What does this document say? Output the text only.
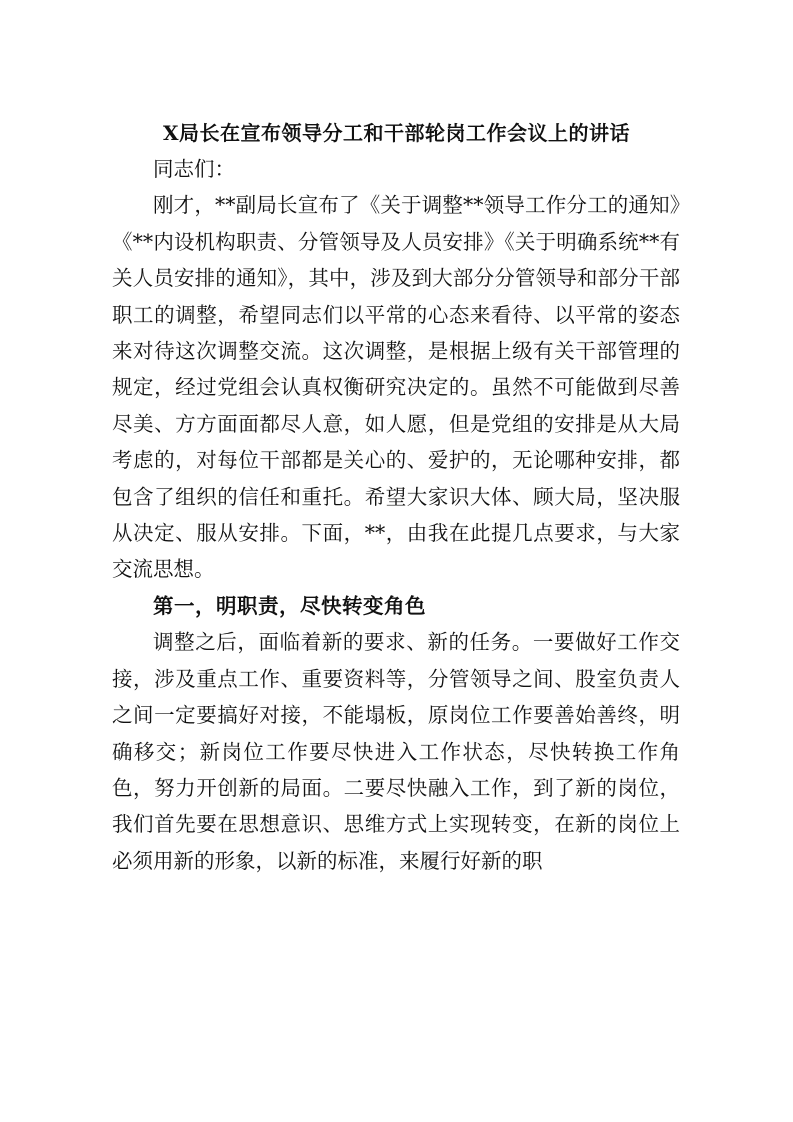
X局长在宣布领导分工和干部轮岗工作会议上的讲话

同志们：

刚才，**副局长宣布了《关于调整**领导工作分工的通知》《**内设机构职责、分管领导及人员安排》《关于明确系统**有关人员安排的通知》，其中，涉及到大部分分管领导和部分干部职工的调整，希望同志们以平常的心态来看待、以平常的姿态来对待这次调整交流。这次调整，是根据上级有关干部管理的规定，经过党组会认真权衡研究决定的。虽然不可能做到尽善尽美、方方面面都尽人意，如人愿，但是党组的安排是从大局考虑的，对每位干部都是关心的、爱护的，无论哪种安排，都包含了组织的信任和重托。希望大家识大体、顾大局，坚决服从决定、服从安排。下面，**，由我在此提几点要求，与大家交流思想。

第一，明职责，尽快转变角色

调整之后，面临着新的要求、新的任务。一要做好工作交接，涉及重点工作、重要资料等，分管领导之间、股室负责人之间一定要搞好对接，不能塌板，原岗位工作要善始善终，明确移交；新岗位工作要尽快进入工作状态，尽快转换工作角色，努力开创新的局面。二要尽快融入工作，到了新的岗位，我们首先要在思想意识、思维方式上实现转变，在新的岗位上必须用新的形象，以新的标准，来履行好新的职
